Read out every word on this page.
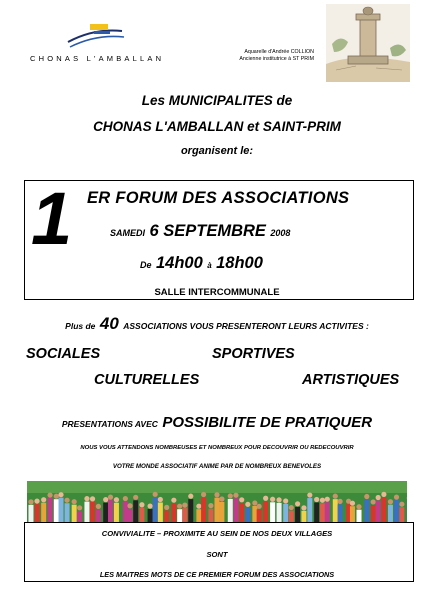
CHONAS L'AMBALLAN
Aquarelle d'Andrée COLLION
Ancienne institutrice à ST PRIM
Les MUNICIPALITES de
CHONAS L'AMBALLAN et SAINT-PRIM
organisent le:
1 ER FORUM DES ASSOCIATIONS
SAMEDI 6 SEPTEMBRE 2008
De 14h00 à 18h00
SALLE INTERCOMMUNALE
Plus de 40 ASSOCIATIONS VOUS PRESENTERONT LEURS ACTIVITES :
SOCIALES	SPORTIVES
CULTURELLES	ARTISTIQUES
PRESENTATIONS AVEC POSSIBILITE DE PRATIQUER
NOUS VOUS ATTENDONS NOMBREUSES ET NOMBREUX POUR DECOUVRIR OU REDECOUVRIR
VOTRE MONDE ASSOCIATIF ANIME PAR DE NOMBREUX BENEVOLES
CONVIVIALITE – PROXIMITE AU SEIN DE NOS DEUX VILLAGES
SONT
LES MAITRES MOTS DE CE PREMIER FORUM DES ASSOCIATIONS
